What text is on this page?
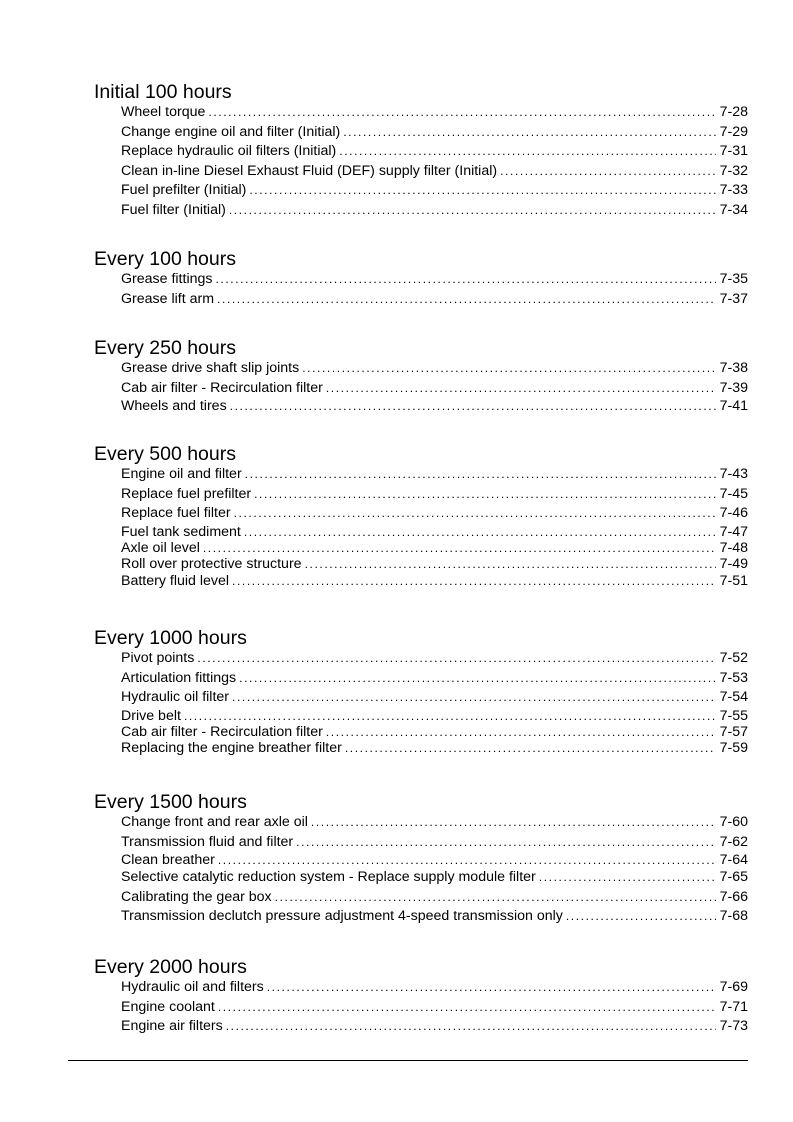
Initial 100 hours
Wheel torque .....	7-28
Change engine oil and filter (Initial) .....	7-29
Replace hydraulic oil filters (Initial) .....	7-31
Clean in-line Diesel Exhaust Fluid (DEF) supply filter (Initial) .....	7-32
Fuel prefilter (Initial) .....	7-33
Fuel filter (Initial) .....	7-34
Every 100 hours
Grease fittings .....	7-35
Grease lift arm .....	7-37
Every 250 hours
Grease drive shaft slip joints .....	7-38
Cab air filter - Recirculation filter .....	7-39
Wheels and tires .....	7-41
Every 500 hours
Engine oil and filter .....	7-43
Replace fuel prefilter .....	7-45
Replace fuel filter .....	7-46
Fuel tank sediment .....	7-47
Axle oil level .....	7-48
Roll over protective structure .....	7-49
Battery fluid level .....	7-51
Every 1000 hours
Pivot points .....	7-52
Articulation fittings .....	7-53
Hydraulic oil filter .....	7-54
Drive belt .....	7-55
Cab air filter - Recirculation filter .....	7-57
Replacing the engine breather filter .....	7-59
Every 1500 hours
Change front and rear axle oil .....	7-60
Transmission fluid and filter .....	7-62
Clean breather .....	7-64
Selective catalytic reduction system - Replace supply module filter .....	7-65
Calibrating the gear box .....	7-66
Transmission declutch pressure adjustment 4-speed transmission only .....	7-68
Every 2000 hours
Hydraulic oil and filters .....	7-69
Engine coolant .....	7-71
Engine air filters .....	7-73
